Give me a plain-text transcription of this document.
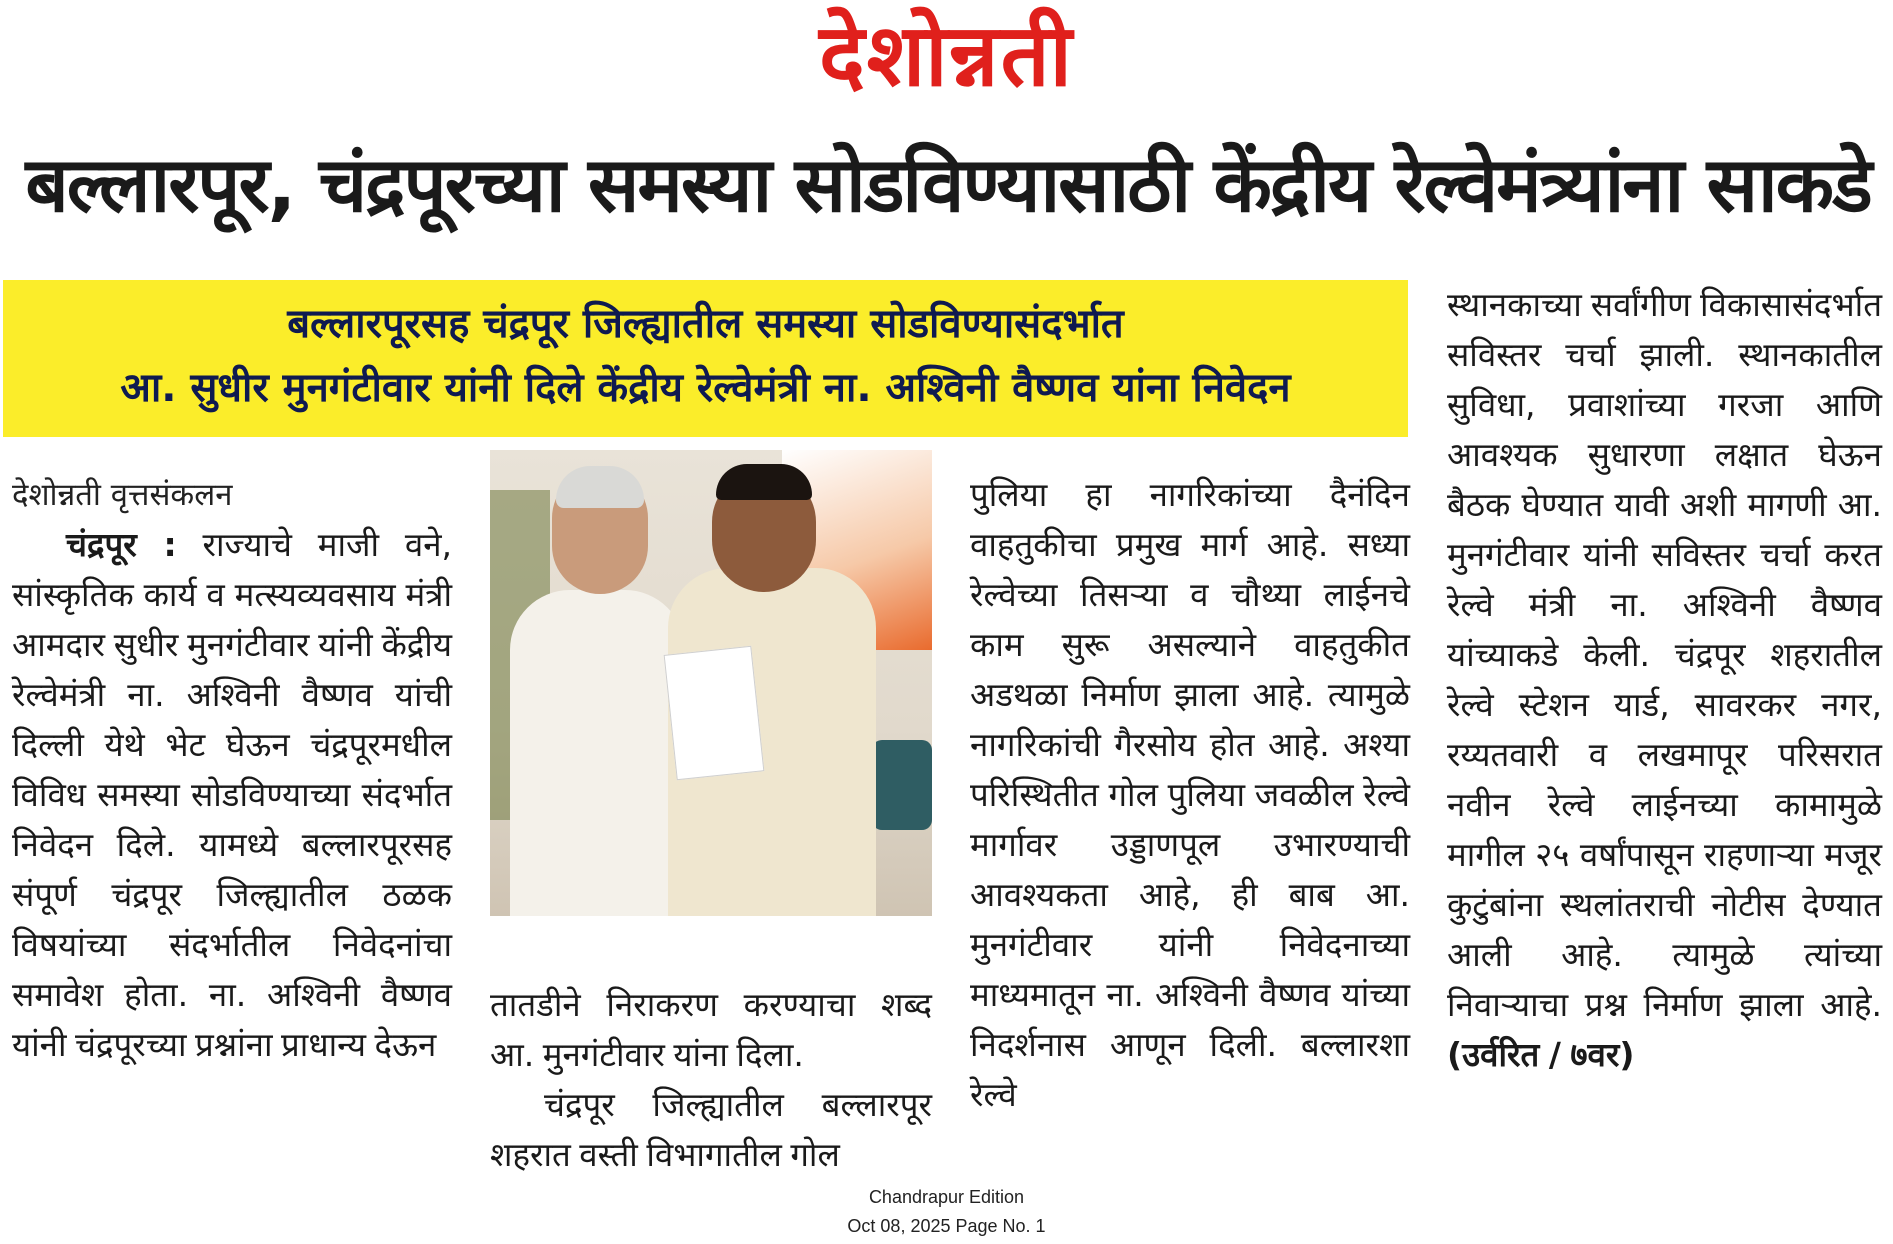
देशोन्नती
बल्लारपूर, चंद्रपूरच्या समस्या सोडविण्यासाठी केंद्रीय रेल्वेमंत्र्यांना साकडे
बल्लारपूरसह चंद्रपूर जिल्ह्यातील समस्या सोडविण्यासंदर्भात
आ. सुधीर मुनगंटीवार यांनी दिले केंद्रीय रेल्वेमंत्री ना. अश्विनी वैष्णव यांना निवेदन
देशोन्नती वृत्तसंकलन

चंद्रपूर : राज्याचे माजी वने, सांस्कृतिक कार्य व मत्स्यव्यवसाय मंत्री आमदार सुधीर मुनगंटीवार यांनी केंद्रीय रेल्वेमंत्री ना. अश्विनी वैष्णव यांची दिल्ली येथे भेट घेऊन चंद्रपूरमधील विविध समस्या सोडविण्याच्या संदर्भात निवेदन दिले. यामध्ये बल्लारपूरसह संपूर्ण चंद्रपूर जिल्ह्यातील ठळक विषयांच्या संदर्भातील निवेदनांचा समावेश होता. ना. अश्विनी वैष्णव यांनी चंद्रपूरच्या प्रश्नांना प्राधान्य देऊन

तातडीने निराकरण करण्याचा शब्द आ. मुनगंटीवार यांना दिला.

चंद्रपूर जिल्ह्यातील बल्लारपूर शहरात वस्ती विभागातील गोल

पुलिया हा नागरिकांच्या दैनंदिन वाहतुकीचा प्रमुख मार्ग आहे. सध्या रेल्वेच्या तिसऱ्या व चौथ्या लाईनचे काम सुरू असल्याने वाहतुकीत अडथळा निर्माण झाला आहे. त्यामुळे नागरिकांची गैरसोय होत आहे. अश्या परिस्थितीत गोल पुलिया जवळील रेल्वे मार्गावर उड्डाणपूल उभारण्याची आवश्यकता आहे, ही बाब आ. मुनगंटीवार यांनी निवेदनाच्या माध्यमातून ना. अश्विनी वैष्णव यांच्या निदर्शनास आणून दिली. बल्लारशा रेल्वे

स्थानकाच्या सर्वांगीण विकासासंदर्भात सविस्तर चर्चा झाली. स्थानकातील सुविधा, प्रवाशांच्या गरजा आणि आवश्यक सुधारणा लक्षात घेऊन बैठक घेण्यात यावी अशी मागणी आ. मुनगंटीवार यांनी सविस्तर चर्चा करत रेल्वे मंत्री ना. अश्विनी वैष्णव यांच्याकडे केली. चंद्रपूर शहरातील रेल्वे स्टेशन यार्ड, सावरकर नगर, रय्यतवारी व लखमापूर परिसरात नवीन रेल्वे लाईनच्या कामामुळे मागील २५ वर्षांपासून राहणाऱ्या मजूर कुटुंबांना स्थलांतराची नोटीस देण्यात आली आहे. त्यामुळे त्यांच्या निवाऱ्याचा प्रश्न निर्माण झाला आहे. (उर्वरित / ७वर)

Chandrapur Edition
Oct 08, 2025 Page No. 1
